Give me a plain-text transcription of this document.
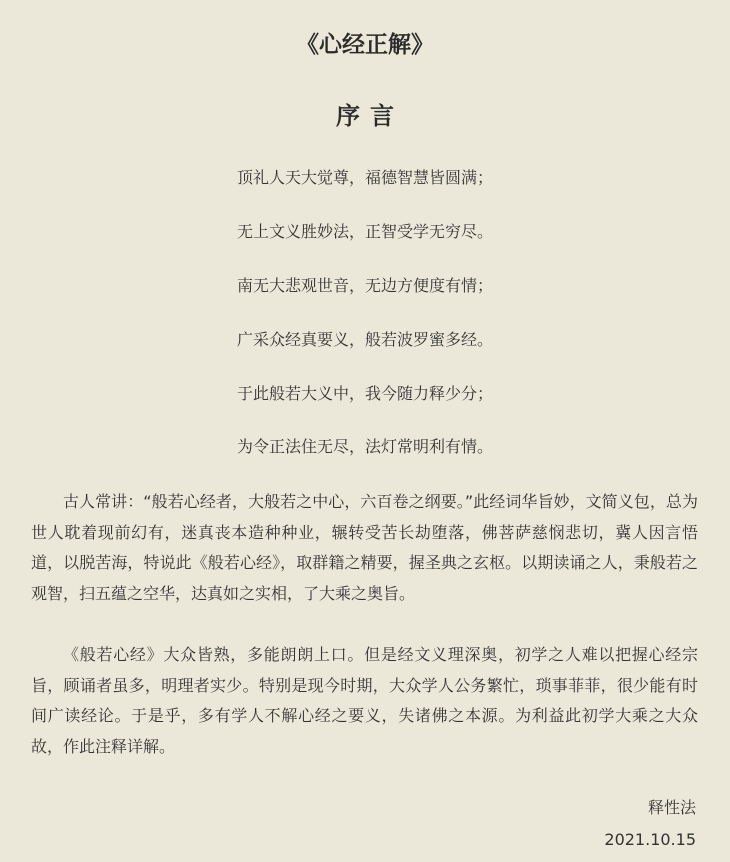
《心经正解》
序言
顶礼人天大觉尊，福德智慧皆圆满；
无上文义胜妙法，正智受学无穷尽。
南无大悲观世音，无边方便度有情；
广采众经真要义，般若波罗蜜多经。
于此般若大义中，我今随力释少分；
为令正法住无尽，法灯常明利有情。
古人常讲：“般若心经者，大般若之中心，六百卷之纲要。”此经词华旨妙，文简义包，总为世人耽着现前幻有，迷真丧本造种种业，辗转受苦长劫堕落，佛菩萨慈悯悲切，冀人因言悟道，以脱苦海，特说此《般若心经》，取群籍之精要，握圣典之玄枢。以期读诵之人，秉般若之观智，扫五蕴之空华，达真如之实相，了大乘之奥旨。
《般若心经》大众皆熟，多能朗朗上口。但是经文义理深奥，初学之人难以把握心经宗旨，顾诵者虽多，明理者实少。特别是现今时期，大众学人公务繁忙，琐事菲菲，很少能有时间广读经论。于是乎，多有学人不解心经之要义，失诸佛之本源。为利益此初学大乘之大众故，作此注释详解。
释性法
2021.10.15
